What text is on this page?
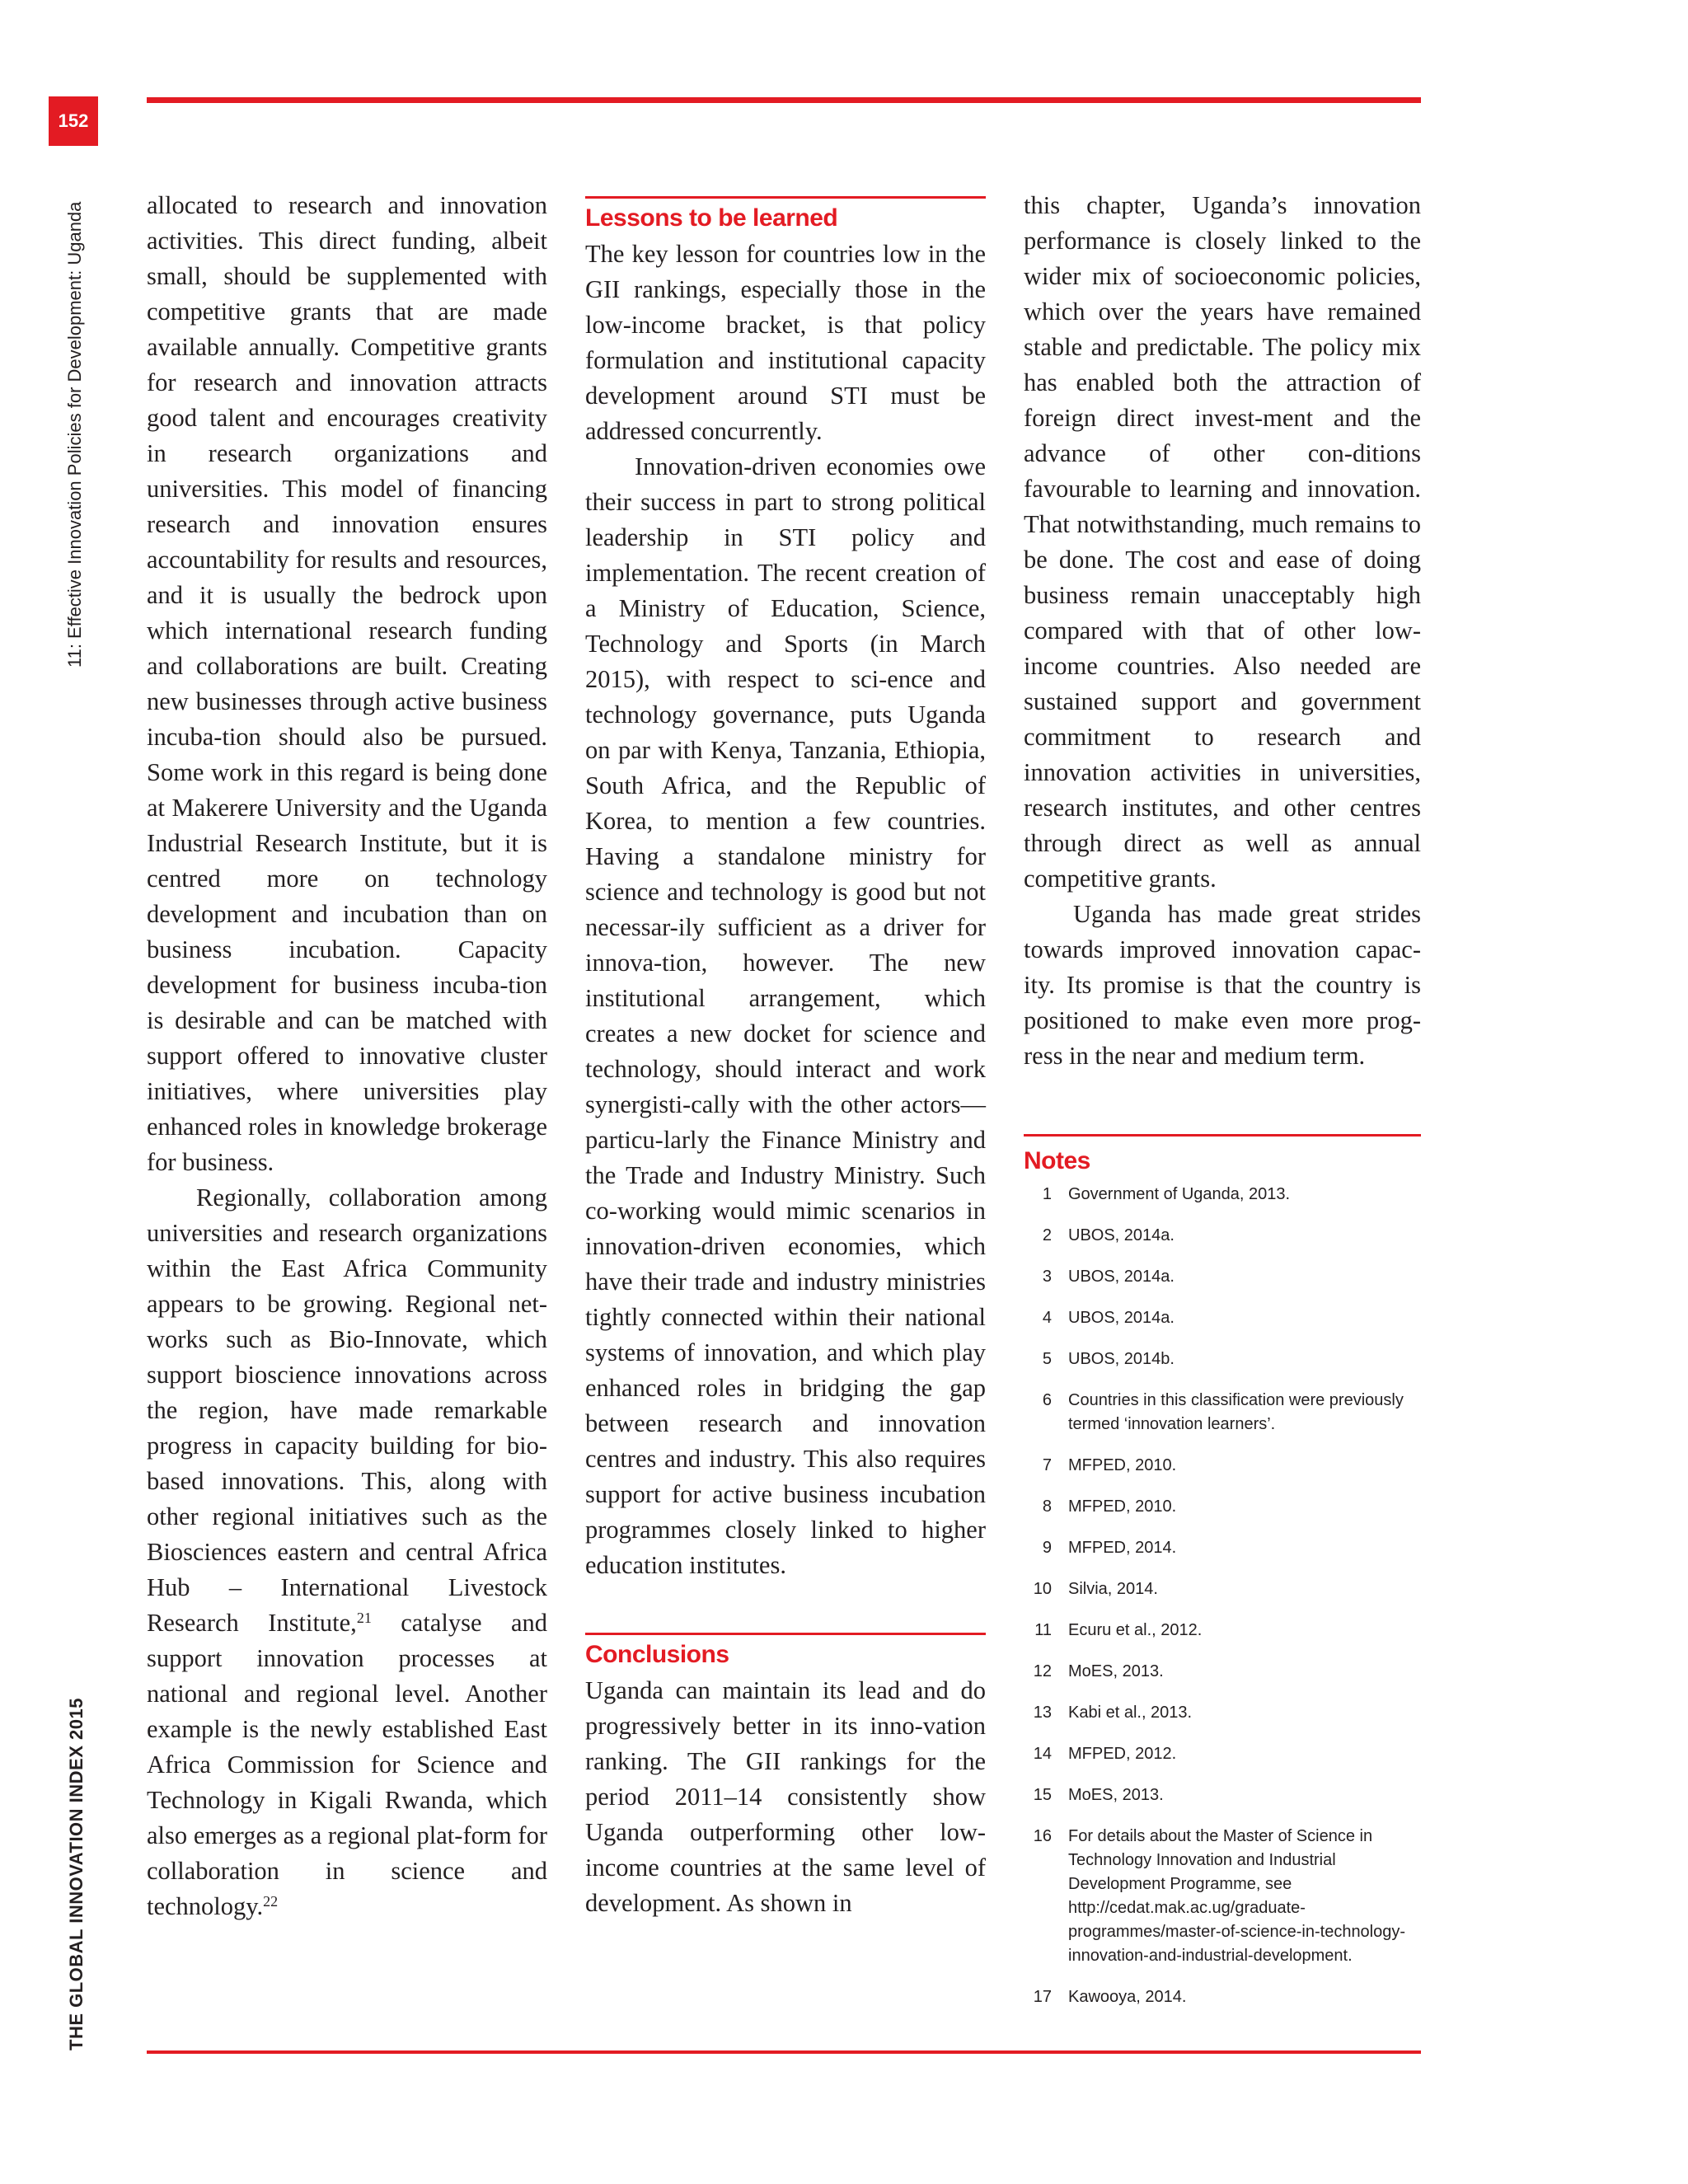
152
11: Effective Innovation Policies for Development: Uganda
THE GLOBAL INNOVATION INDEX 2015

allocated to research and innovation activities. This direct funding, albeit small, should be supplemented with competitive grants that are made available annually. Competitive grants for research and innovation attracts good talent and encourages creativity in research organizations and universities. This model of financing research and innovation ensures accountability for results and resources, and it is usually the bedrock upon which international research funding and collaborations are built. Creating new businesses through active business incuba-tion should also be pursued. Some work in this regard is being done at Makerere University and the Uganda Industrial Research Institute, but it is centred more on technology development and incubation than on business incubation. Capacity development for business incuba-tion is desirable and can be matched with support offered to innovative cluster initiatives, where universities play enhanced roles in knowledge brokerage for business.

Regionally, collaboration among universities and research organizations within the East Africa Community appears to be growing. Regional net-works such as Bio-Innovate, which support bioscience innovations across the region, have made remarkable progress in capacity building for bio-based innovations. This, along with other regional initiatives such as the Biosciences eastern and central Africa Hub – International Livestock Research Institute,$^{21}$ catalyse and support innovation processes at national and regional level. Another example is the newly established East Africa Commission for Science and Technology in Kigali Rwanda, which also emerges as a regional plat-form for collaboration in science and technology.$^{22}$

Lessons to be learned

The key lesson for countries low in the GII rankings, especially those in the low-income bracket, is that policy formulation and institutional capacity development around STI must be addressed concurrently.

Innovation-driven economies owe their success in part to strong political leadership in STI policy and implementation. The recent creation of a Ministry of Education, Science, Technology and Sports (in March 2015), with respect to sci-ence and technology governance, puts Uganda on par with Kenya, Tanzania, Ethiopia, South Africa, and the Republic of Korea, to mention a few countries. Having a standalone ministry for science and technology is good but not necessar-ily sufficient as a driver for innova-tion, however. The new institutional arrangement, which creates a new docket for science and technology, should interact and work synergisti-cally with the other actors—particu-larly the Finance Ministry and the Trade and Industry Ministry. Such co-working would mimic scenarios in innovation-driven economies, which have their trade and industry ministries tightly connected within their national systems of innovation, and which play enhanced roles in bridging the gap between research and innovation centres and industry. This also requires support for active business incubation programmes closely linked to higher education institutes.

Conclusions

Uganda can maintain its lead and do progressively better in its inno-vation ranking. The GII rankings for the period 2011–14 consistently show Uganda outperforming other low-income countries at the same level of development. As shown in

this chapter, Uganda’s innovation performance is closely linked to the wider mix of socioeconomic policies, which over the years have remained stable and predictable. The policy mix has enabled both the attraction of foreign direct invest-ment and the advance of other con-ditions favourable to learning and innovation. That notwithstanding, much remains to be done. The cost and ease of doing business remain unacceptably high compared with that of other low-income countries. Also needed are sustained support and government commitment to research and innovation activities in universities, research institutes, and other centres through direct as well as annual competitive grants.

Uganda has made great strides towards improved innovation capac-ity. Its promise is that the country is positioned to make even more prog-ress in the near and medium term.

Notes
1 Government of Uganda, 2013.
2 UBOS, 2014a.
3 UBOS, 2014a.
4 UBOS, 2014a.
5 UBOS, 2014b.
6 Countries in this classification were previously termed ‘innovation learners’.
7 MFPED, 2010.
8 MFPED, 2010.
9 MFPED, 2014.
10 Silvia, 2014.
11 Ecuru et al., 2012.
12 MoES, 2013.
13 Kabi et al., 2013.
14 MFPED, 2012.
15 MoES, 2013.
16 For details about the Master of Science in Technology Innovation and Industrial Development Programme, see http://cedat.mak.ac.ug/graduate-programmes/master-of-science-in-technology-innovation-and-industrial-development.
17 Kawooya, 2014.
